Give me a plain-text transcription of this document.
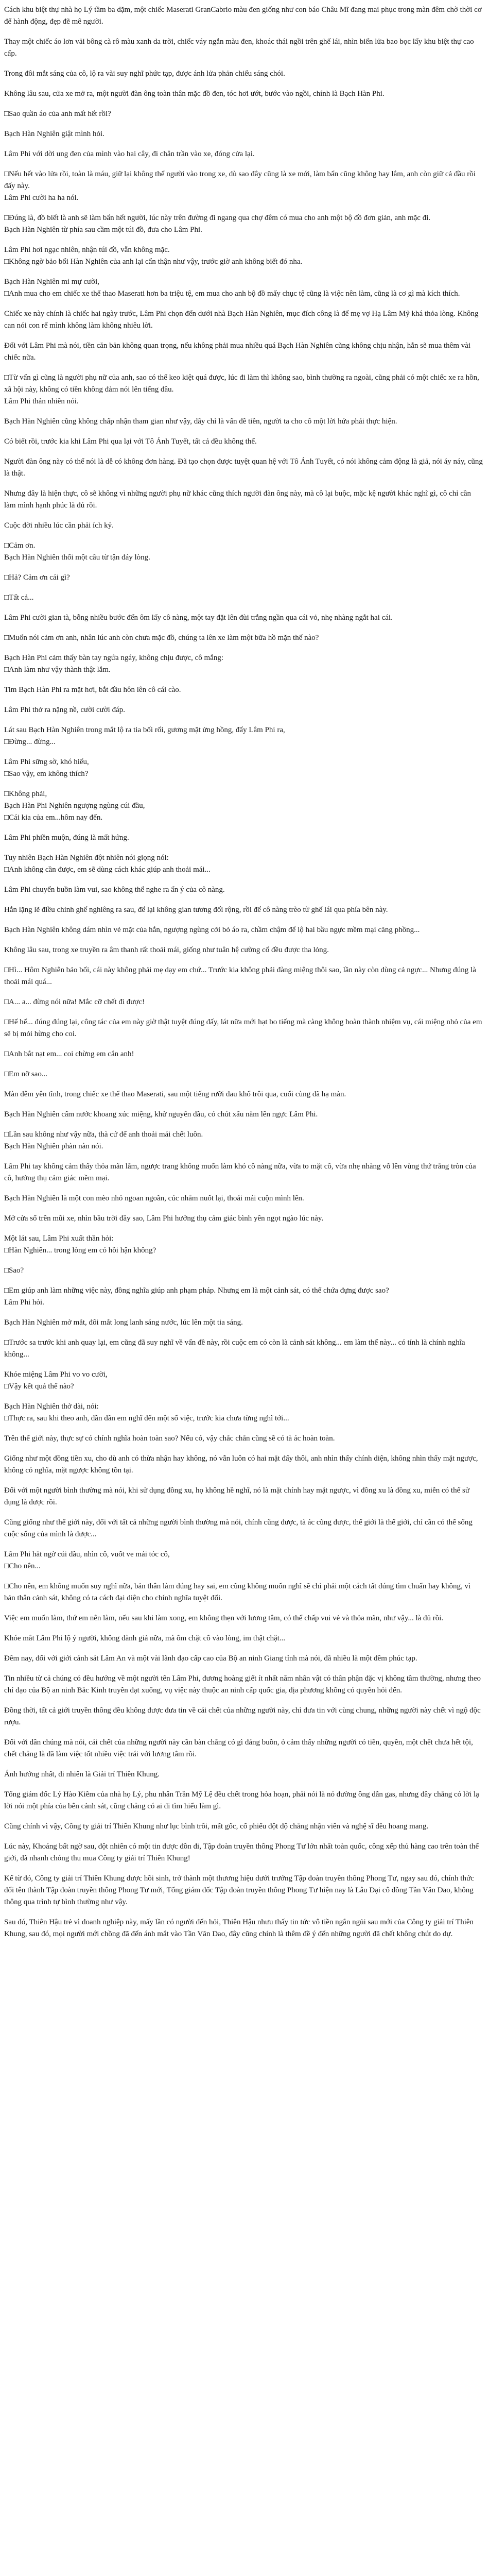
Cách khu biệt thự nhà họ Lý tầm ba dặm, một chiếc Maserati GranCabrio màu đen giống như con báo Châu Mĩ đang mai phục trong màn đêm chờ thời cơ để hành động, đẹp đẽ mê người.

Thay một chiếc áo lơn vải bông cà rô màu xanh da trời, chiếc váy ngắn màu đen, khoác thái ngồi trên ghế lái, nhìn biến lửa bao bọc lấy khu biệt thự cao cấp.

Trong đôi mắt sáng của cô, lộ ra vài suy nghĩ phức tạp, được ánh lửa phản chiếu sáng chói.

Không lâu sau, cửa xe mở ra, một người đàn ông toàn thân mặc đồ đen, tóc hơi ướt, bước vào ngồi, chính là Bạch Hàn Phi.

□Sao quần áo của anh mất hết rồi?

Bạch Hàn Nghiên giật mình hỏi.

Lâm Phi với dời ung đen của mình vào hai cây, đi chẳn trần vào xe, đóng cửa lại.

□Nếu hết vào lửa rồi, toàn là máu, giữ lại không thể người vào trong xe, dù sao đây cũng là xe mới, làm bẩn cũng không hay lắm, anh còn giữ cả đầu rồi đấy này.
Lâm Phi cười ha ha nói.

□Đúng là, đồ biết là anh sẽ làm bẩn hết người, lúc này trên đường đi ngang qua chợ đêm có mua cho anh một bộ đồ đơn giản, anh mặc đi.
Bạch Hàn Nghiên từ phía sau cầm một túi đồ, đưa cho Lâm Phi.

Lâm Phi hơi ngạc nhiên, nhận túi đồ, vẫn không mặc.
□Không ngờ bảo bối Hàn Nghiên của anh lại cẩn thận như vậy, trước giờ anh không biết đó nha.

Bạch Hàn Nghiên mỉ mự cười,
□Anh mua cho em chiếc xe thể thao Maserati hơn ba triệu tệ, em mua cho anh bộ đồ mấy chục tệ cũng là việc nên làm, cũng là cơ gì mà kích thích.

Chiếc xe này chính là chiếc hai ngày trước, Lâm Phi chọn đến dưới nhà Bạch Hàn Nghiên, mục đích công là để mẹ vợ Hạ Lâm Mỹ khá thỏa lòng. Không can nói con rể mình không làm không nhiêu lời.

Đối với Lâm Phi mà nói, tiền căn bản không quan trọng, nếu không phải mua nhiều quá Bạch Hàn Nghiên cũng không chịu nhận, hắn sẽ mua thêm vài chiếc nữa.

□Từ vấn gì cũng là người phụ nữ của anh, sao có thể keo kiệt quá được, lúc đi làm thì không sao, bình thường ra ngoài, cũng phải có một chiếc xe ra hồn, xã hội này, không có tiền không đảm nói lên tiếng đâu.
Lâm Phi thản nhiên nói.

Bạch Hàn Nghiên cũng không chấp nhận tham gian như vậy, dây chỉ là vấn đề tiền, người ta cho cô một lời hứa phải thực hiện.

Có biết rồi, trước kia khi Lâm Phi qua lại với Tô Ánh Tuyết, tất cả đều không thể.

Người đàn ông này có thể nói là dễ có không đơn hàng. Đã tạo chọn được tuyệt quan hệ với Tô Ánh Tuyết, có nói không cảm động là giả, nói áy náy, cũng là thật.

Nhưng đây là hiện thực, cô sẽ không vì những người phụ nữ khác cũng thích người đàn ông này, mà cô lại buộc, mặc kệ người khác nghĩ gì, cô chỉ cần làm mình hạnh phúc là đủ rồi.

Cuộc đời nhiều lúc cần phải ích kỷ.

□Cảm ơn.
Bạch Hàn Nghiên thổi một câu từ tận đáy lòng.

□Hả? Cảm ơn cái gì?

□Tất cả...

Lâm Phi cười gian tà, bỗng nhiều bước đến ôm lấy cô nàng, một tay đặt lên đùi trắng ngần qua cái vỏ, nhẹ nhàng ngắt hai cái.

□Muốn nói cảm ơn anh, nhân lúc anh còn chưa mặc đồ, chúng ta lên xe làm một bữa hồ mặn thế nào?

Bạch Hàn Phi cảm thấy bàn tay ngứa ngáy, không chịu được, cô mắng:
□Anh làm như vậy thành thật lắm.

Tim Bạch Hàn Phi ra mặt hơi, bắt đầu hôn lên cô cái cào.

Lâm Phi thở ra nặng nề, cười cười đáp.

Lát sau Bạch Hàn Nghiên trong mắt lộ ra tia bối rối, gương mặt ửng hồng, đẩy Lâm Phi ra,
□Đừng... đừng...

Lâm Phi sững sờ, khó hiểu,
□Sao vậy, em không thích?

□Không phải,
Bạch Hàn Phi Nghiên ngượng ngùng cúi đầu,
□Cái kia của em...hôm nay đến.

Lâm Phi phiền muộn, đúng là mất hứng.

Tuy nhiên Bạch Hàn Nghiên đột nhiên nói giọng nói:
□Anh không cần được, em sẽ dùng cách khác giúp anh thoải mái...

Lâm Phi chuyển buồn làm vui, sao không thể nghe ra ẩn ý của cô nàng.

Hắn lặng lẽ điều chỉnh ghế nghiêng ra sau, để lại không gian tương đối rộng, rồi để cô nàng trèo từ ghế lái qua phía bên này.

Bạch Hàn Nghiên không dám nhìn vẻ mặt của hắn, ngượng ngùng cởi bỏ áo ra, chầm chậm để lộ hai bầu ngực mềm mại căng phồng...

Không lâu sau, trong xe truyền ra âm thanh rất thoải mái, giống như tuân hệ cường cổ đều được tha lỏng.

□Hì... Hôm Nghiên bảo bối, cái này không phải mẹ dạy em chứ... Trước kia không phải đàng miệng thôi sao, lần này còn dùng cả ngực... Nhưng đúng là thoải mái quá...

□A... a... đừng nói nữa! Mắc cỡ chết đi được!

□Hế hế... đúng đúng lại, công tác của em này giờ thật tuyệt đúng đấy, lát nữa mới hạt bo tiếng mà càng không hoàn thành nhiệm vụ, cái miệng nhỏ của em sẽ bị mỏi hừng cho coi.

□Anh bắt nạt em... coi chừng em cắn anh!

□Em nỡ sao...

Màn đêm yên tĩnh, trong chiếc xe thể thao Maserati, sau một tiếng rưỡi đau khổ trôi qua, cuối cùng đã hạ màn.

Bạch Hàn Nghiên cẩm nước khoang xúc miệng, khử nguyên đầu, có chút xấu nằm lên ngực Lâm Phi.

□Lần sau không như vậy nữa, thà cứ để anh thoải mái chết luôn.
Bạch Hàn Nghiên phàn nàn nói.

Lâm Phi tay không cảm thấy thỏa mãn lắm, ngược trang không muốn làm khó cô nàng nữa, vừa to mặt cô, vừa nhẹ nhàng vỗ lên vùng thứ trắng tròn của cô, hưởng thụ cảm giác mềm mại.

Bạch Hàn Nghiên là một con mèo nhỏ ngoan ngoãn, cúc nhắm nuốt lại, thoải mái cuộn mình lên.

Mở cửa số trên mũi xe, nhìn bầu trời đầy sao, Lâm Phi hưởng thụ cảm giác bình yên ngọt ngào lúc này.

Một lát sau, Lâm Phi xuất thần hỏi:
□Hàn Nghiên... trong lòng em có hồi hận không?

□Sao?

□Em giúp anh làm những việc này, đồng nghĩa giúp anh phạm pháp. Nhưng em là một cảnh sát, có thể chứa đựng được sao?
Lâm Phi hỏi.

Bạch Hàn Nghiên mở mắt, đôi mắt long lanh sáng nước, lúc lên một tia sáng.

□Trước sa trước khi anh quay lại, em cũng đã suy nghĩ về vấn đề này, rồi cuộc em có còn là cảnh sát không... em làm thế này... có tính là chính nghĩa không...

Khóe miệng Lâm Phi vo vo cười,
□Vậy kết quả thế nào?

Bạch Hàn Nghiên thở dài, nói:
□Thực ra, sau khi theo anh, dần dần em nghĩ đến một số việc, trước kia chưa từng nghĩ tới...

Trên thế giới này, thực sự có chính nghĩa hoàn toàn sao? Nếu có, vậy chắc chắn cũng sẽ có tà ác hoàn toàn.

Giống như một đồng tiền xu, cho dù anh có thừa nhận hay không, nó vẫn luôn có hai mặt đấy thôi, anh nhìn thấy chính diện, không nhìn thấy mặt ngược, không có nghĩa, mặt ngược không tồn tại.

Đối với một người bình thường mà nói, khi sử dụng đồng xu, họ không hề nghĩ, nó là mặt chính hay mặt ngược, vì đồng xu là đồng xu, miễn có thể sử dụng là được rồi.

Cũng giống như thế giới này, đối với tất cả những người bình thường mà nói, chính cũng được, tà ác cũng được, thế giới là thế giới, chỉ cần có thể sống cuộc sống của mình là được...

Lâm Phi hắt ngờ cúi đầu, nhìn cô, vuốt ve mái tóc cô,
□Cho nên...

□Cho nên, em không muốn suy nghĩ nữa, bản thân làm đúng hay sai, em cũng không muốn nghĩ sẽ chỉ phải một cách tất đúng tìm chuẩn hay không, vì bản thân cảnh sát, không có ta cách đại diện cho chính nghĩa tuyệt đối.

Việc em muốn làm, thứ em nên làm, nếu sau khi làm xong, em không thẹn với lương tâm, có thể chấp vui vẻ và thỏa mãn, như vậy... là đủ rồi.

Khóe mắt Lâm Phi lộ ý người, không đành giả nữa, mà ôm chặt cô vào lòng, im thật chặt...

Đêm nay, đối với giới cảnh sát Lâm An và một vài lãnh đạo cấp cao của Bộ an ninh Giang tỉnh mà nói, đã nhiều là một đêm phúc tạp.

Tin nhiều từ cả chúng có đều hướng về một người tên Lâm Phi, đương hoàng giết ít nhất năm nhân vật có thân phận đặc vị không tầm thường, nhưng theo chỉ đạo của Bộ an ninh Bắc Kinh truyền đạt xuống, vụ việc này thuộc an ninh cấp quốc gia, địa phương không có quyền hỏi đến.

Đồng thời, tất cả giới truyền thông đều không được đưa tin về cái chết của những người này, chỉ đưa tin với cùng chung, những người này chết vì ngộ độc rượu.

Đối với dân chúng mà nói, cái chết của những người này cần bàn chẳng có gì đáng buồn, ỏ cảm thấy những người có tiền, quyền, một chết chưa hết tội, chết chẳng là đã làm việc tốt nhiều việc trái với lương tâm rồi.

Ánh hướng nhất, đi nhiên là Giải trí Thiên Khung.

Tổng giám đốc Lý Hào Kiềm của nhà họ Lý, phu nhân Trần Mỹ Lệ đều chết trong hỏa hoạn, phải nói là nó đường ông dẫn gas, nhưng đây chẳng có lời lạ lời nói một phía của bên cảnh sát, cũng chẳng có ai đi tìm hiểu làm gì.

Cũng chính vì vậy, Công ty giải trí Thiên Khung như lục bình trôi, mất gốc, cổ phiếu đột độ chẳng nhận viên và nghệ sĩ đều hoang mang.

Lúc này, Khoáng bất ngờ sau, đột nhiên có một tin được đồn đi, Tập đoàn truyền thông Phong Tư lớn nhất toàn quốc, công xếp thủ hàng cao trên toàn thế giới, đã nhanh chóng thu mua Công ty giải trí Thiên Khung!

Kể từ đó, Công ty giải trí Thiên Khung được hồi sinh, trở thành một thương hiệu dưới trướng Tập đoàn truyền thông Phong Tư, ngay sau đó, chính thức đổi tên thành Tập đoàn truyền thông Phong Tư mới, Tổng giám đốc Tập đoàn truyền thông Phong Tư hiện nay là Lâu Đại cô đồng Tần Văn Dao, không thông qua trình tự bình thường như vậy.

Sau đó, Thiên Hậu trẻ vì doanh nghiệp này, mấy lần có người đến hỏi, Thiên Hậu nhưu thấy tin tức vô tiền ngắn ngủi sau mới của Công ty giải trí Thiên Khung, sau đó, mọi người mới chồng đã đến ánh mắt vào Tần Văn Dao, đây cũng chính là thêm đề ý đến những người đã chết không chút do dự.
